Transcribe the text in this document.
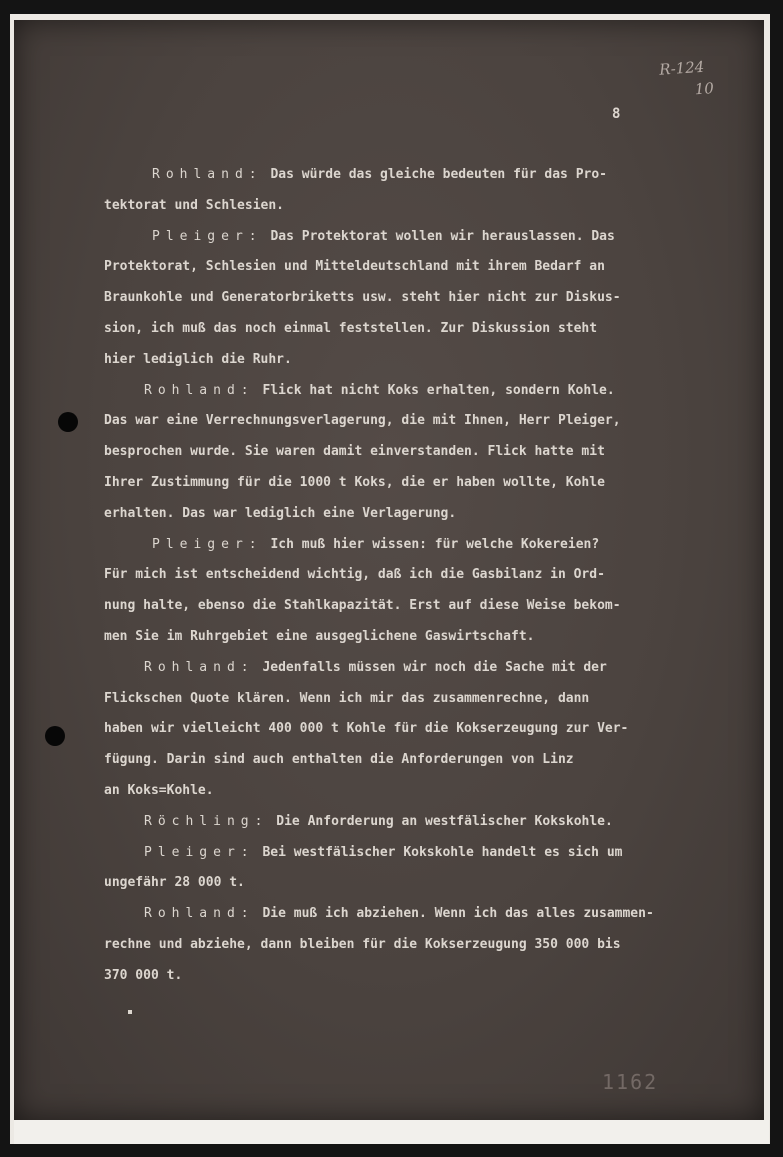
R-124
10
8
Rohland: Das würde das gleiche bedeuten für das Pro-
tektorat und Schlesien.
Pleiger: Das Protektorat wollen wir herauslassen. Das
Protektorat, Schlesien und Mitteldeutschland mit ihrem Bedarf an
Braunkohle und Generatorbriketts usw. steht hier nicht zur Diskus-
sion, ich muß das noch einmal feststellen. Zur Diskussion steht
hier lediglich die Ruhr.
Rohland: Flick hat nicht Koks erhalten, sondern Kohle.
Das war eine Verrechnungsverlagerung, die mit Ihnen, Herr Pleiger,
besprochen wurde. Sie waren damit einverstanden. Flick hatte mit
Ihrer Zustimmung für die 1000 t Koks, die er haben wollte, Kohle
erhalten. Das war lediglich eine Verlagerung.
Pleiger: Ich muß hier wissen: für welche Kokereien?
Für mich ist entscheidend wichtig, daß ich die Gasbilanz in Ord-
nung halte, ebenso die Stahlkapazität. Erst auf diese Weise bekom-
men Sie im Ruhrgebiet eine ausgeglichene Gaswirtschaft.
Rohland: Jedenfalls müssen wir noch die Sache mit der
Flickschen Quote klären. Wenn ich mir das zusammenrechne, dann
haben wir vielleicht 400 000 t Kohle für die Kokserzeugung zur Ver-
fügung. Darin sind auch enthalten die Anforderungen von Linz
an Koks=Kohle.
Röchling: Die Anforderung an westfälischer Kokskohle.
Pleiger: Bei westfälischer Kokskohle handelt es sich um
ungefähr 28 000 t.
Rohland: Die muß ich abziehen. Wenn ich das alles zusammen-
rechne und abziehe, dann bleiben für die Kokserzeugung 350 000 bis
370 000 t.
1162
